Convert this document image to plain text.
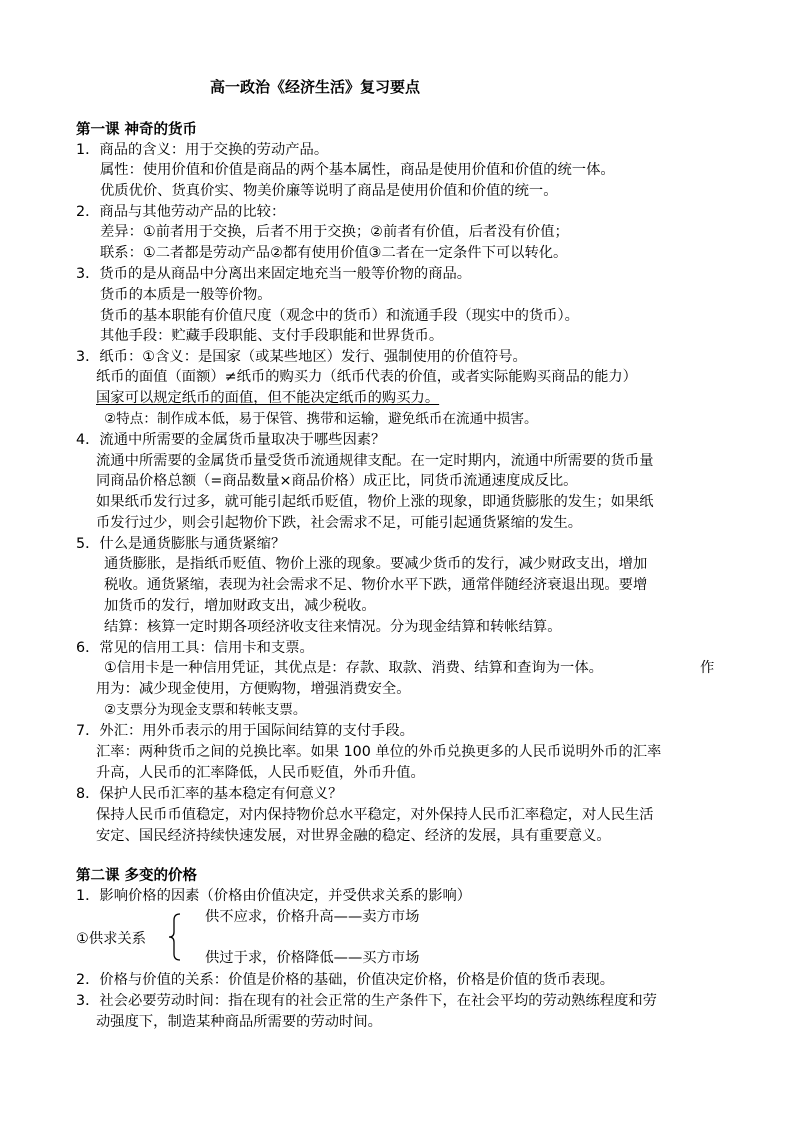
高一政治《经济生活》复习要点
第一课 神奇的货币
1．商品的含义：用于交换的劳动产品。
属性：使用价值和价值是商品的两个基本属性，商品是使用价值和价值的统一体。
优质优价、货真价实、物美价廉等说明了商品是使用价值和价值的统一。
2．商品与其他劳动产品的比较：
差异：①前者用于交换，后者不用于交换；②前者有价值，后者没有价值；
联系：①二者都是劳动产品②都有使用价值③二者在一定条件下可以转化。
3．货币的是从商品中分离出来固定地充当一般等价物的商品。
货币的本质是一般等价物。
货币的基本职能有价值尺度（观念中的货币）和流通手段（现实中的货币）。
其他手段：贮藏手段职能、支付手段职能和世界货币。
3．纸币：①含义：是国家（或某些地区）发行、强制使用的价值符号。
纸币的面值（面额）≠纸币的购买力（纸币代表的价值，或者实际能购买商品的能力）
国家可以规定纸币的面值，但不能决定纸币的购买力。
②特点：制作成本低，易于保管、携带和运输，避免纸币在流通中损害。
4．流通中所需要的金属货币量取决于哪些因素？
流通中所需要的金属货币量受货币流通规律支配。在一定时期内，流通中所需要的货币量
同商品价格总额（=商品数量×商品价格）成正比，同货币流通速度成反比。
如果纸币发行过多，就可能引起纸币贬值，物价上涨的现象，即通货膨胀的发生；如果纸
币发行过少，则会引起物价下跌，社会需求不足，可能引起通货紧缩的发生。
5．什么是通货膨胀与通货紧缩？
通货膨胀，是指纸币贬值、物价上涨的现象。要减少货币的发行，减少财政支出，增加
税收。通货紧缩，表现为社会需求不足、物价水平下跌，通常伴随经济衰退出现。要增
加货币的发行，增加财政支出，减少税收。
结算：核算一定时期各项经济收支往来情况。分为现金结算和转帐结算。
6．常见的信用工具：信用卡和支票。
①信用卡是一种信用凭证，其优点是：存款、取款、消费、结算和查询为一体。	作
用为：减少现金使用，方便购物，增强消费安全。
②支票分为现金支票和转帐支票。
7．外汇：用外币表示的用于国际间结算的支付手段。
汇率：两种货币之间的兑换比率。如果 100 单位的外币兑换更多的人民币说明外币的汇率
升高，人民币的汇率降低，人民币贬值，外币升值。
8．保护人民币汇率的基本稳定有何意义？
保持人民币币值稳定，对内保持物价总水平稳定，对外保持人民币汇率稳定，对人民生活
安定、国民经济持续快速发展，对世界金融的稳定、经济的发展，具有重要意义。
第二课 多变的价格
1．影响价格的因素（价格由价值决定，并受供求关系的影响）
供不应求，价格升高——卖方市场
①供求关系
供过于求，价格降低——买方市场
2．价格与价值的关系：价值是价格的基础，价值决定价格，价格是价值的货币表现。
3．社会必要劳动时间：指在现有的社会正常的生产条件下，在社会平均的劳动熟练程度和劳
动强度下，制造某种商品所需要的劳动时间。
